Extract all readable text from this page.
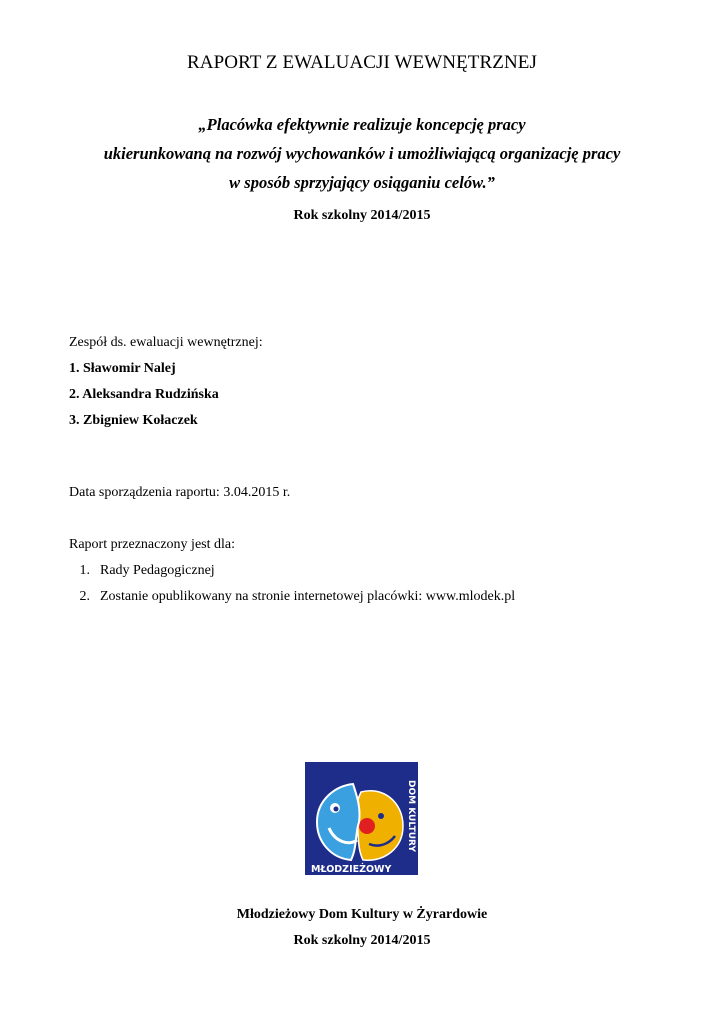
RAPORT Z EWALUACJI WEWNĘTRZNEJ
„Placówka efektywnie realizuje koncepcję pracy
ukierunkowaną na rozwój wychowanków i umożliwiającą organizację pracy
w sposób sprzyjający osiąganiu celów.”
Rok szkolny 2014/2015
Zespół ds. ewaluacji wewnętrznej:
1. Sławomir Nalej
2. Aleksandra Rudzińska
3. Zbigniew Kołaczek
Data sporządzenia raportu: 3.04.2015 r.
Raport przeznaczony jest dla:
1. Rady Pedagogicznej
2. Zostanie opublikowany na stronie internetowej placówki: www.mlodek.pl
DOM KULTURY
MŁODZIEŻOWY
Młodzieżowy Dom Kultury w Żyrardowie
Rok szkolny 2014/2015
